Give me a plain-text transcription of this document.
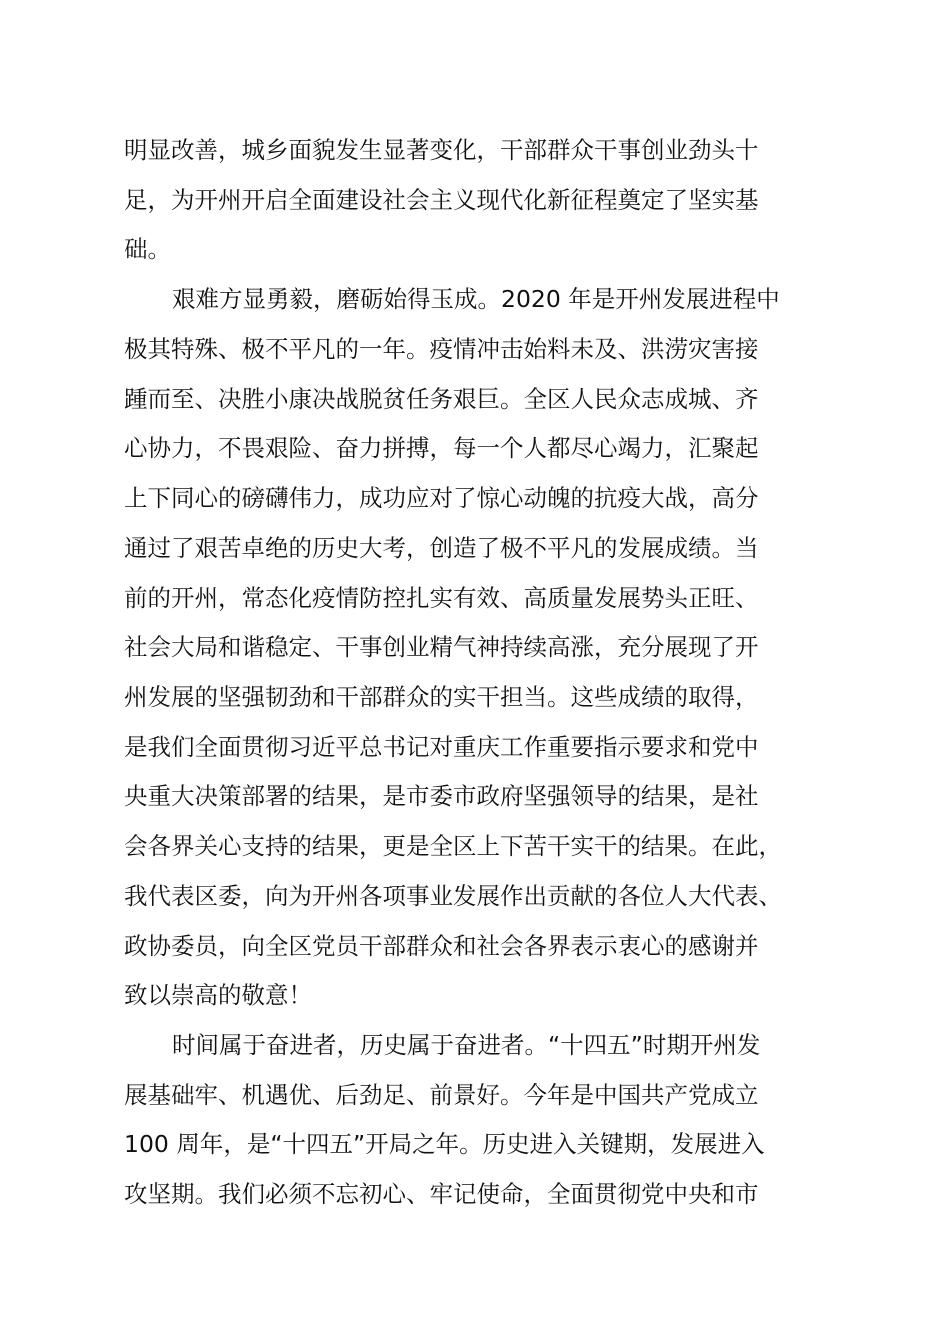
明显改善，城乡面貌发生显著变化，干部群众干事创业劲头十
足，为开州开启全面建设社会主义现代化新征程奠定了坚实基
础。
艰难方显勇毅，磨砺始得玉成。2020 年是开州发展进程中
极其特殊、极不平凡的一年。疫情冲击始料未及、洪涝灾害接
踵而至、决胜小康决战脱贫任务艰巨。全区人民众志成城、齐
心协力，不畏艰险、奋力拼搏，每一个人都尽心竭力，汇聚起
上下同心的磅礴伟力，成功应对了惊心动魄的抗疫大战，高分
通过了艰苦卓绝的历史大考，创造了极不平凡的发展成绩。当
前的开州，常态化疫情防控扎实有效、高质量发展势头正旺、
社会大局和谐稳定、干事创业精气神持续高涨，充分展现了开
州发展的坚强韧劲和干部群众的实干担当。这些成绩的取得，
是我们全面贯彻习近平总书记对重庆工作重要指示要求和党中
央重大决策部署的结果，是市委市政府坚强领导的结果，是社
会各界关心支持的结果，更是全区上下苦干实干的结果。在此，
我代表区委，向为开州各项事业发展作出贡献的各位人大代表、
政协委员，向全区党员干部群众和社会各界表示衷心的感谢并
致以崇高的敬意！
时间属于奋进者，历史属于奋进者。“十四五”时期开州发
展基础牢、机遇优、后劲足、前景好。今年是中国共产党成立
100 周年，是“十四五”开局之年。历史进入关键期，发展进入
攻坚期。我们必须不忘初心、牢记使命，全面贯彻党中央和市
